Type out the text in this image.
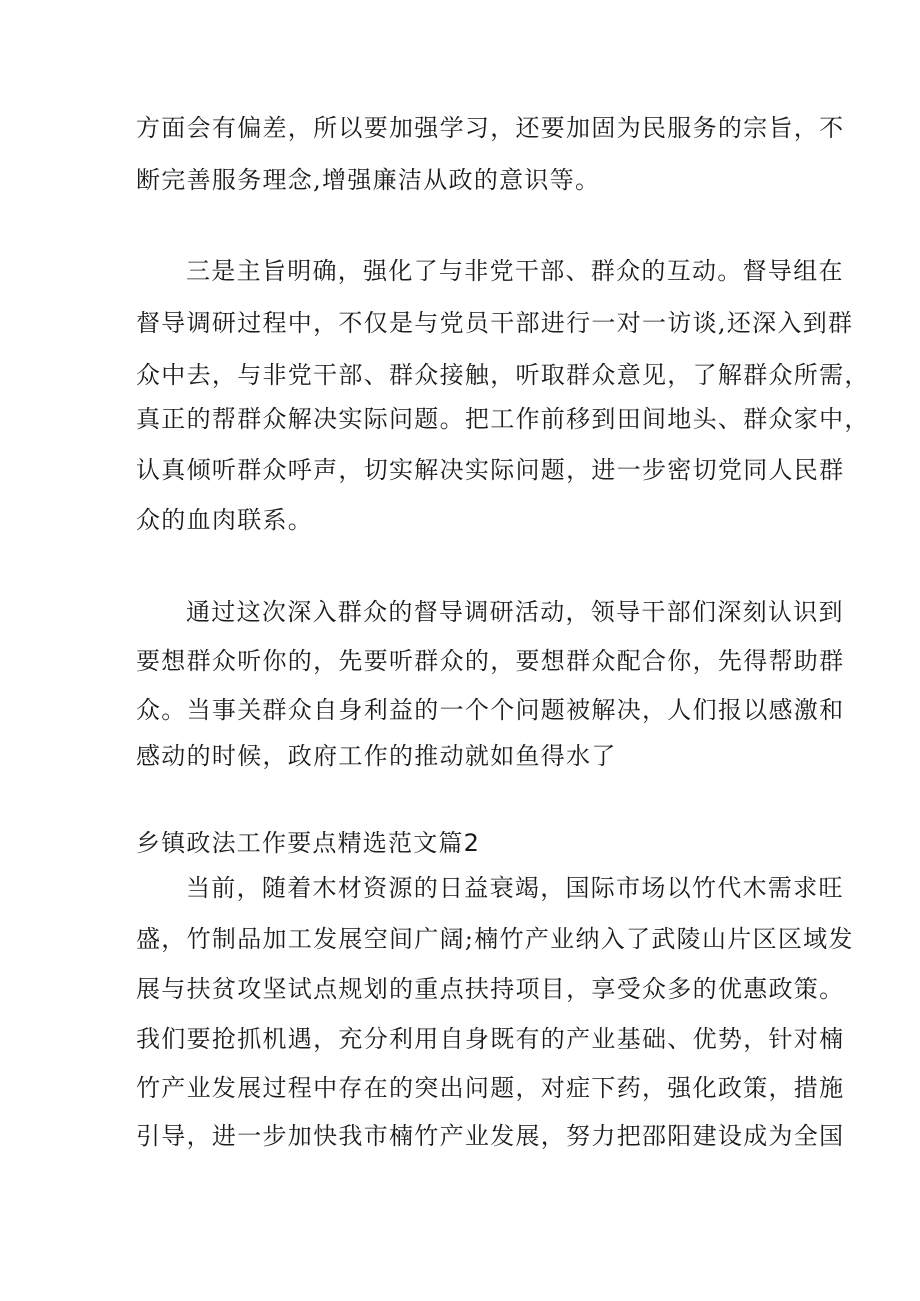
方面会有偏差，所以要加强学习，还要加固为民服务的宗旨，不
断完善服务理念,增强廉洁从政的意识等。
三是主旨明确，强化了与非党干部、群众的互动。督导组在
督导调研过程中，不仅是与党员干部进行一对一访谈,还深入到群
众中去，与非党干部、群众接触，听取群众意见，了解群众所需，
真正的帮群众解决实际问题。把工作前移到田间地头、群众家中，
认真倾听群众呼声，切实解决实际问题，进一步密切党同人民群
众的血肉联系。
通过这次深入群众的督导调研活动，领导干部们深刻认识到
要想群众听你的，先要听群众的，要想群众配合你，先得帮助群
众。当事关群众自身利益的一个个问题被解决，人们报以感激和
感动的时候，政府工作的推动就如鱼得水了
乡镇政法工作要点精选范文篇2
当前，随着木材资源的日益衰竭，国际市场以竹代木需求旺
盛，竹制品加工发展空间广阔;楠竹产业纳入了武陵山片区区域发
展与扶贫攻坚试点规划的重点扶持项目，享受众多的优惠政策。
我们要抢抓机遇，充分利用自身既有的产业基础、优势，针对楠
竹产业发展过程中存在的突出问题，对症下药，强化政策，措施
引导，进一步加快我市楠竹产业发展，努力把邵阳建设成为全国
